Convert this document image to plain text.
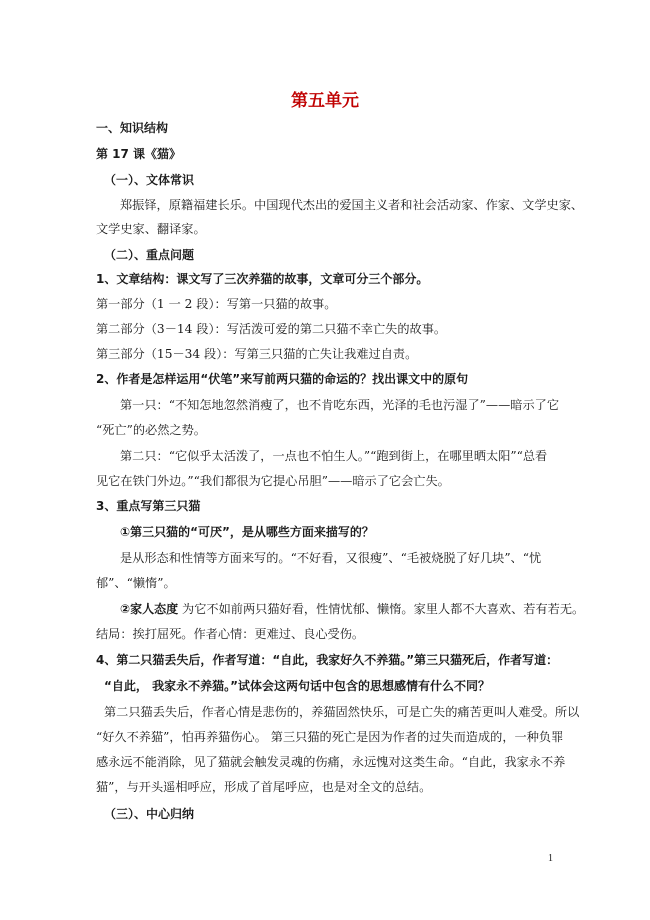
第五单元
一、知识结构
第 17 课《猫》
（一）、文体常识
郑振铎，原籍福建长乐。中国现代杰出的爱国主义者和社会活动家、作家、文学史家、
文学史家、翻译家。
（二）、重点问题
1、文章结构：课文写了三次养猫的故事，文章可分三个部分。
第一部分（1 一 2 段）：写第一只猫的故事。
第二部分（3－14 段）：写活泼可爱的第二只猫不幸亡失的故事。
第三部分（15－34 段）：写第三只猫的亡失让我难过自责。
2、作者是怎样运用“伏笔”来写前两只猫的命运的？找出课文中的原句
第一只：“不知怎地忽然消瘦了，也不肯吃东西，光泽的毛也污湿了”——暗示了它
“死亡”的必然之势。
第二只：“它似乎太活泼了，一点也不怕生人。”“跑到街上，在哪里晒太阳”“总看
见它在铁门外边。”“我们都很为它提心吊胆”——暗示了它会亡失。
3、重点写第三只猫
①第三只猫的“可厌”，是从哪些方面来描写的？
是从形态和性情等方面来写的。“不好看，又很瘦”、“毛被烧脱了好几块”、“忧
郁”、“懒惰”。
②家人态度 为它不如前两只猫好看，性情忧郁、懒惰。家里人都不大喜欢、若有若无。
结局：挨打屈死。作者心情：更难过、良心受伤。
4、第二只猫丢失后，作者写道：“自此，我家好久不养猫。”第三只猫死后，作者写道：
“自此， 我家永不养猫。”试体会这两句话中包含的思想感情有什么不同？
第二只猫丢失后，作者心情是悲伤的，养猫固然快乐，可是亡失的痛苦更叫人难受。所以
“好久不养猫”，怕再养猫伤心。 第三只猫的死亡是因为作者的过失而造成的，一种负罪
感永远不能消除，见了猫就会触发灵魂的伤痛，永远愧对这类生命。“自此，我家永不养
猫”，与开头遥相呼应，形成了首尾呼应，也是对全文的总结。
（三）、中心归纳
1
